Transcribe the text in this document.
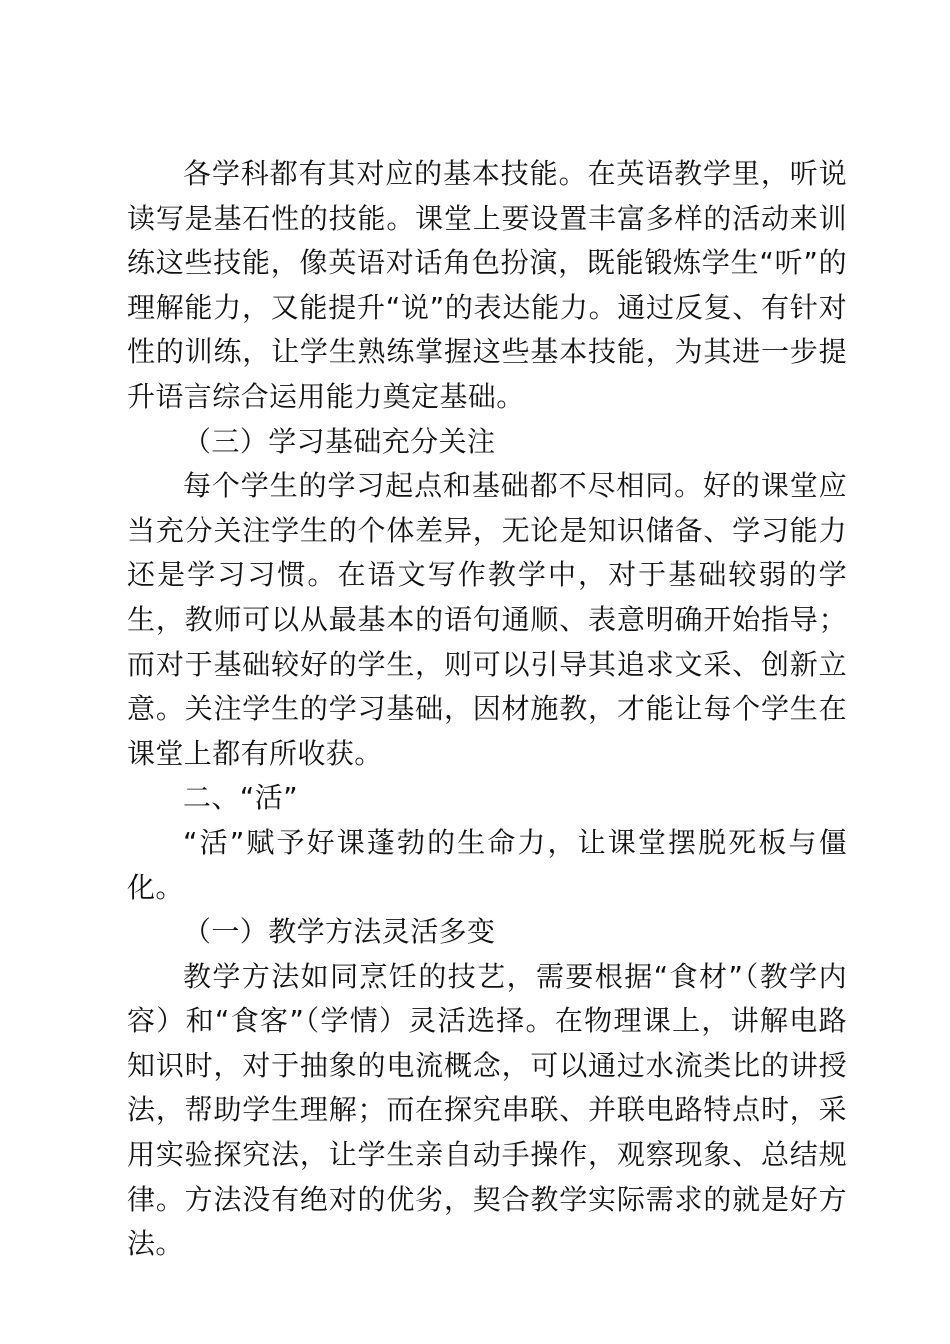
各学科都有其对应的基本技能。在英语教学里，听说读写是基石性的技能。课堂上要设置丰富多样的活动来训练这些技能，像英语对话角色扮演，既能锻炼学生“听”的理解能力，又能提升“说”的表达能力。通过反复、有针对性的训练，让学生熟练掌握这些基本技能，为其进一步提升语言综合运用能力奠定基础。

（三）学习基础充分关注

每个学生的学习起点和基础都不尽相同。好的课堂应当充分关注学生的个体差异，无论是知识储备、学习能力还是学习习惯。在语文写作教学中，对于基础较弱的学生，教师可以从最基本的语句通顺、表意明确开始指导；而对于基础较好的学生，则可以引导其追求文采、创新立意。关注学生的学习基础，因材施教，才能让每个学生在课堂上都有所收获。

二、“活”

“活”赋予好课蓬勃的生命力，让课堂摆脱死板与僵化。

（一）教学方法灵活多变

教学方法如同烹饪的技艺，需要根据“食材”（教学内容）和“食客”（学情）灵活选择。在物理课上，讲解电路知识时，对于抽象的电流概念，可以通过水流类比的讲授法，帮助学生理解；而在探究串联、并联电路特点时，采用实验探究法，让学生亲自动手操作，观察现象、总结规律。方法没有绝对的优劣，契合教学实际需求的就是好方法。
